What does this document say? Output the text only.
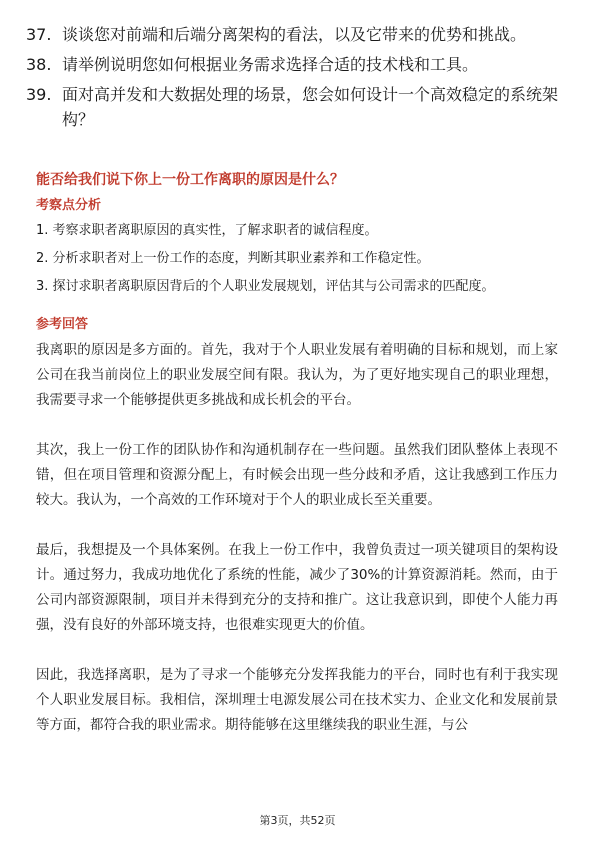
37. 谈谈您对前端和后端分离架构的看法，以及它带来的优势和挑战。
38. 请举例说明您如何根据业务需求选择合适的技术栈和工具。
39. 面对高并发和大数据处理的场景，您会如何设计一个高效稳定的系统架构？
能否给我们说下你上一份工作离职的原因是什么？
考察点分析
1. 考察求职者离职原因的真实性，了解求职者的诚信程度。
2. 分析求职者对上一份工作的态度，判断其职业素养和工作稳定性。
3. 探讨求职者离职原因背后的个人职业发展规划，评估其与公司需求的匹配度。
参考回答

我离职的原因是多方面的。首先，我对于个人职业发展有着明确的目标和规划，而上家公司在我当前岗位上的职业发展空间有限。我认为，为了更好地实现自己的职业理想，我需要寻求一个能够提供更多挑战和成长机会的平台。

其次，我上一份工作的团队协作和沟通机制存在一些问题。虽然我们团队整体上表现不错，但在项目管理和资源分配上，有时候会出现一些分歧和矛盾，这让我感到工作压力较大。我认为，一个高效的工作环境对于个人的职业成长至关重要。

最后，我想提及一个具体案例。在我上一份工作中，我曾负责过一项关键项目的架构设计。通过努力，我成功地优化了系统的性能，减少了30%的计算资源消耗。然而，由于公司内部资源限制，项目并未得到充分的支持和推广。这让我意识到，即使个人能力再强，没有良好的外部环境支持，也很难实现更大的价值。

因此，我选择离职，是为了寻求一个能够充分发挥我能力的平台，同时也有利于我实现个人职业发展目标。我相信，深圳理士电源发展公司在技术实力、企业文化和发展前景等方面，都符合我的职业需求。期待能够在这里继续我的职业生涯，与公

第3页，共52页
